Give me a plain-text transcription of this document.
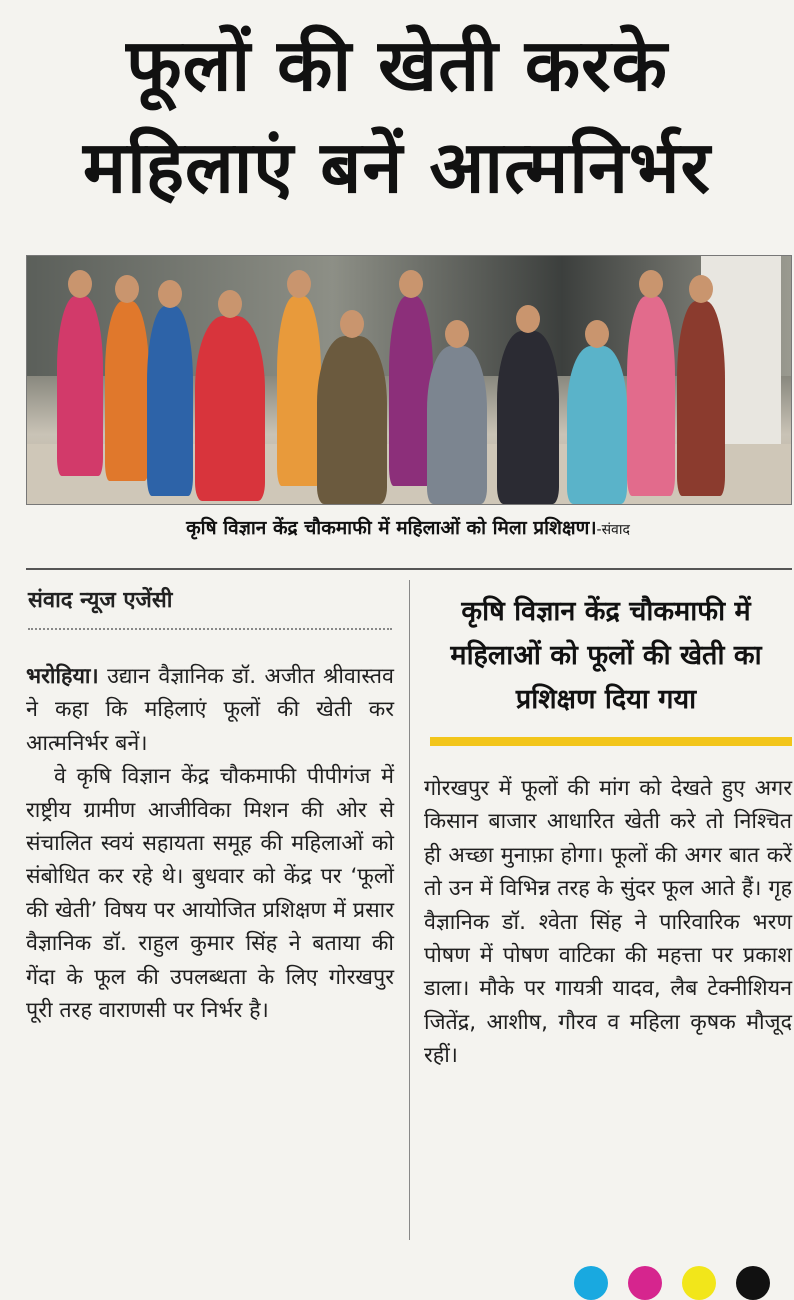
फूलों की खेती करके
महिलाएं बनें आत्मनिर्भर
कृषि विज्ञान केंद्र चौकमाफी में महिलाओं को मिला प्रशिक्षण।-संवाद
संवाद न्यूज एजेंसी

भरोहिया। उद्यान वैज्ञानिक डॉ. अजीत श्रीवास्तव ने कहा कि महिलाएं फूलों की खेती कर आत्मनिर्भर बनें।

वे कृषि विज्ञान केंद्र चौकमाफी पीपीगंज में राष्ट्रीय ग्रामीण आजीविका मिशन की ओर से संचालित स्वयं सहायता समूह की महिलाओं को संबोधित कर रहे थे। बुधवार को केंद्र पर ‘फूलों की खेती’ विषय पर आयोजित प्रशिक्षण में प्रसार वैज्ञानिक डॉ. राहुल कुमार सिंह ने बताया की गेंदा के फूल की उपलब्धता के लिए गोरखपुर पूरी तरह वाराणसी पर निर्भर है।

कृषि विज्ञान केंद्र चौकमाफी में महिलाओं को फूलों की खेती का प्रशिक्षण दिया गया

गोरखपुर में फूलों की मांग को देखते हुए अगर किसान बाजार आधारित खेती करे तो निश्चित ही अच्छा मुनाफ़ा होगा। फूलों की अगर बात करें तो उन में विभिन्न तरह के सुंदर फूल आते हैं। गृह वैज्ञानिक डॉ. श्वेता सिंह ने पारिवारिक भरण पोषण में पोषण वाटिका की महत्ता पर प्रकाश डाला। मौके पर गायत्री यादव, लैब टेक्नीशियन जितेंद्र, आशीष, गौरव व महिला कृषक मौजूद रहीं।
